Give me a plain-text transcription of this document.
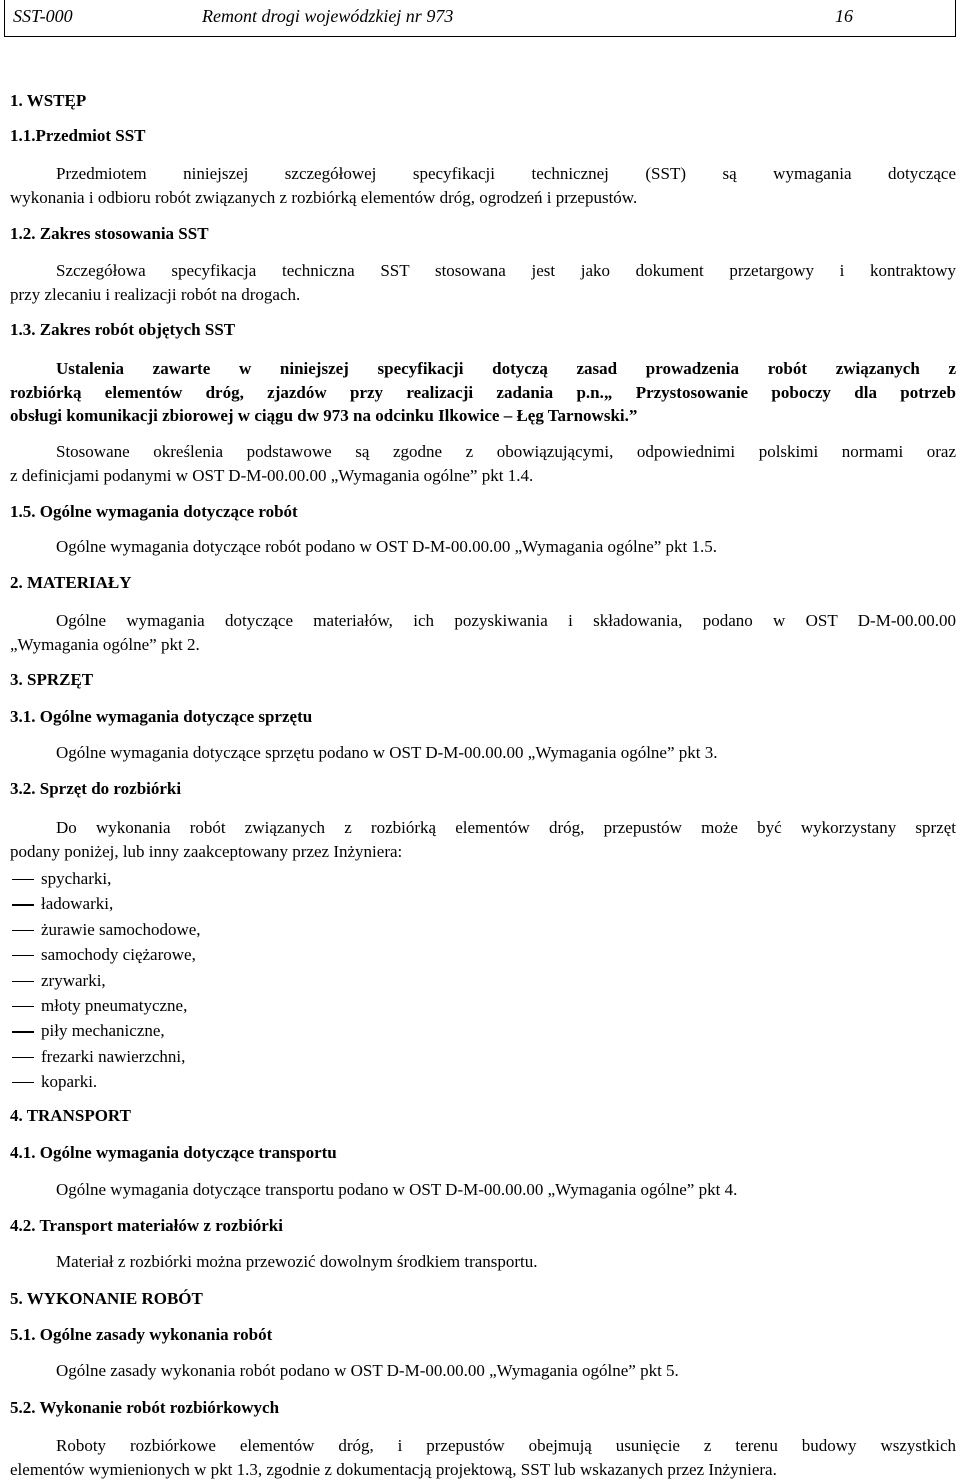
SST-000	Remont drogi wojewódzkiej nr 973	16
1. WSTĘP
1.1.Przedmiot SST
Przedmiotem niniejszej szczegółowej specyfikacji technicznej (SST) są wymagania dotyczące
wykonania i odbioru robót związanych z rozbiórką elementów dróg, ogrodzeń i przepustów.
1.2. Zakres stosowania SST
Szczegółowa specyfikacja techniczna SST stosowana jest jako dokument przetargowy i kontraktowy
przy zlecaniu i realizacji robót na drogach.
1.3. Zakres robót objętych SST
Ustalenia zawarte w niniejszej specyfikacji dotyczą zasad prowadzenia robót związanych z
rozbiórką elementów dróg, zjazdów przy realizacji zadania p.n.„ Przystosowanie poboczy dla potrzeb
obsługi komunikacji zbiorowej w ciągu dw 973 na odcinku Ilkowice – Łęg Tarnowski.”
Stosowane określenia podstawowe są zgodne z obowiązującymi, odpowiednimi polskimi normami oraz
z definicjami podanymi w OST D-M-00.00.00 „Wymagania ogólne” pkt 1.4.
1.5. Ogólne wymagania dotyczące robót
Ogólne wymagania dotyczące robót podano w OST D-M-00.00.00 „Wymagania ogólne” pkt 1.5.
2. MATERIAŁY
Ogólne wymagania dotyczące materiałów, ich pozyskiwania i składowania, podano w OST D-M-00.00.00
„Wymagania ogólne” pkt 2.
3. SPRZĘT
3.1. Ogólne wymagania dotyczące sprzętu
Ogólne wymagania dotyczące sprzętu podano w OST D-M-00.00.00 „Wymagania ogólne” pkt 3.
3.2. Sprzęt do rozbiórki
Do wykonania robót związanych z rozbiórką elementów dróg, przepustów może być wykorzystany sprzęt
podany poniżej, lub inny zaakceptowany przez Inżyniera:
spycharki,
ładowarki,
żurawie samochodowe,
samochody ciężarowe,
zrywarki,
młoty pneumatyczne,
piły mechaniczne,
frezarki nawierzchni,
koparki.
4. TRANSPORT
4.1. Ogólne wymagania dotyczące transportu
Ogólne wymagania dotyczące transportu podano w OST D-M-00.00.00 „Wymagania ogólne” pkt 4.
4.2. Transport materiałów z rozbiórki
Materiał z rozbiórki można przewozić dowolnym środkiem transportu.
5. WYKONANIE ROBÓT
5.1. Ogólne zasady wykonania robót
Ogólne zasady wykonania robót podano w OST D-M-00.00.00 „Wymagania ogólne” pkt 5.
5.2. Wykonanie robót rozbiórkowych
Roboty rozbiórkowe elementów dróg, i przepustów obejmują usunięcie z terenu budowy wszystkich
elementów wymienionych w pkt 1.3, zgodnie z dokumentacją projektową, SST lub wskazanych przez Inżyniera.
